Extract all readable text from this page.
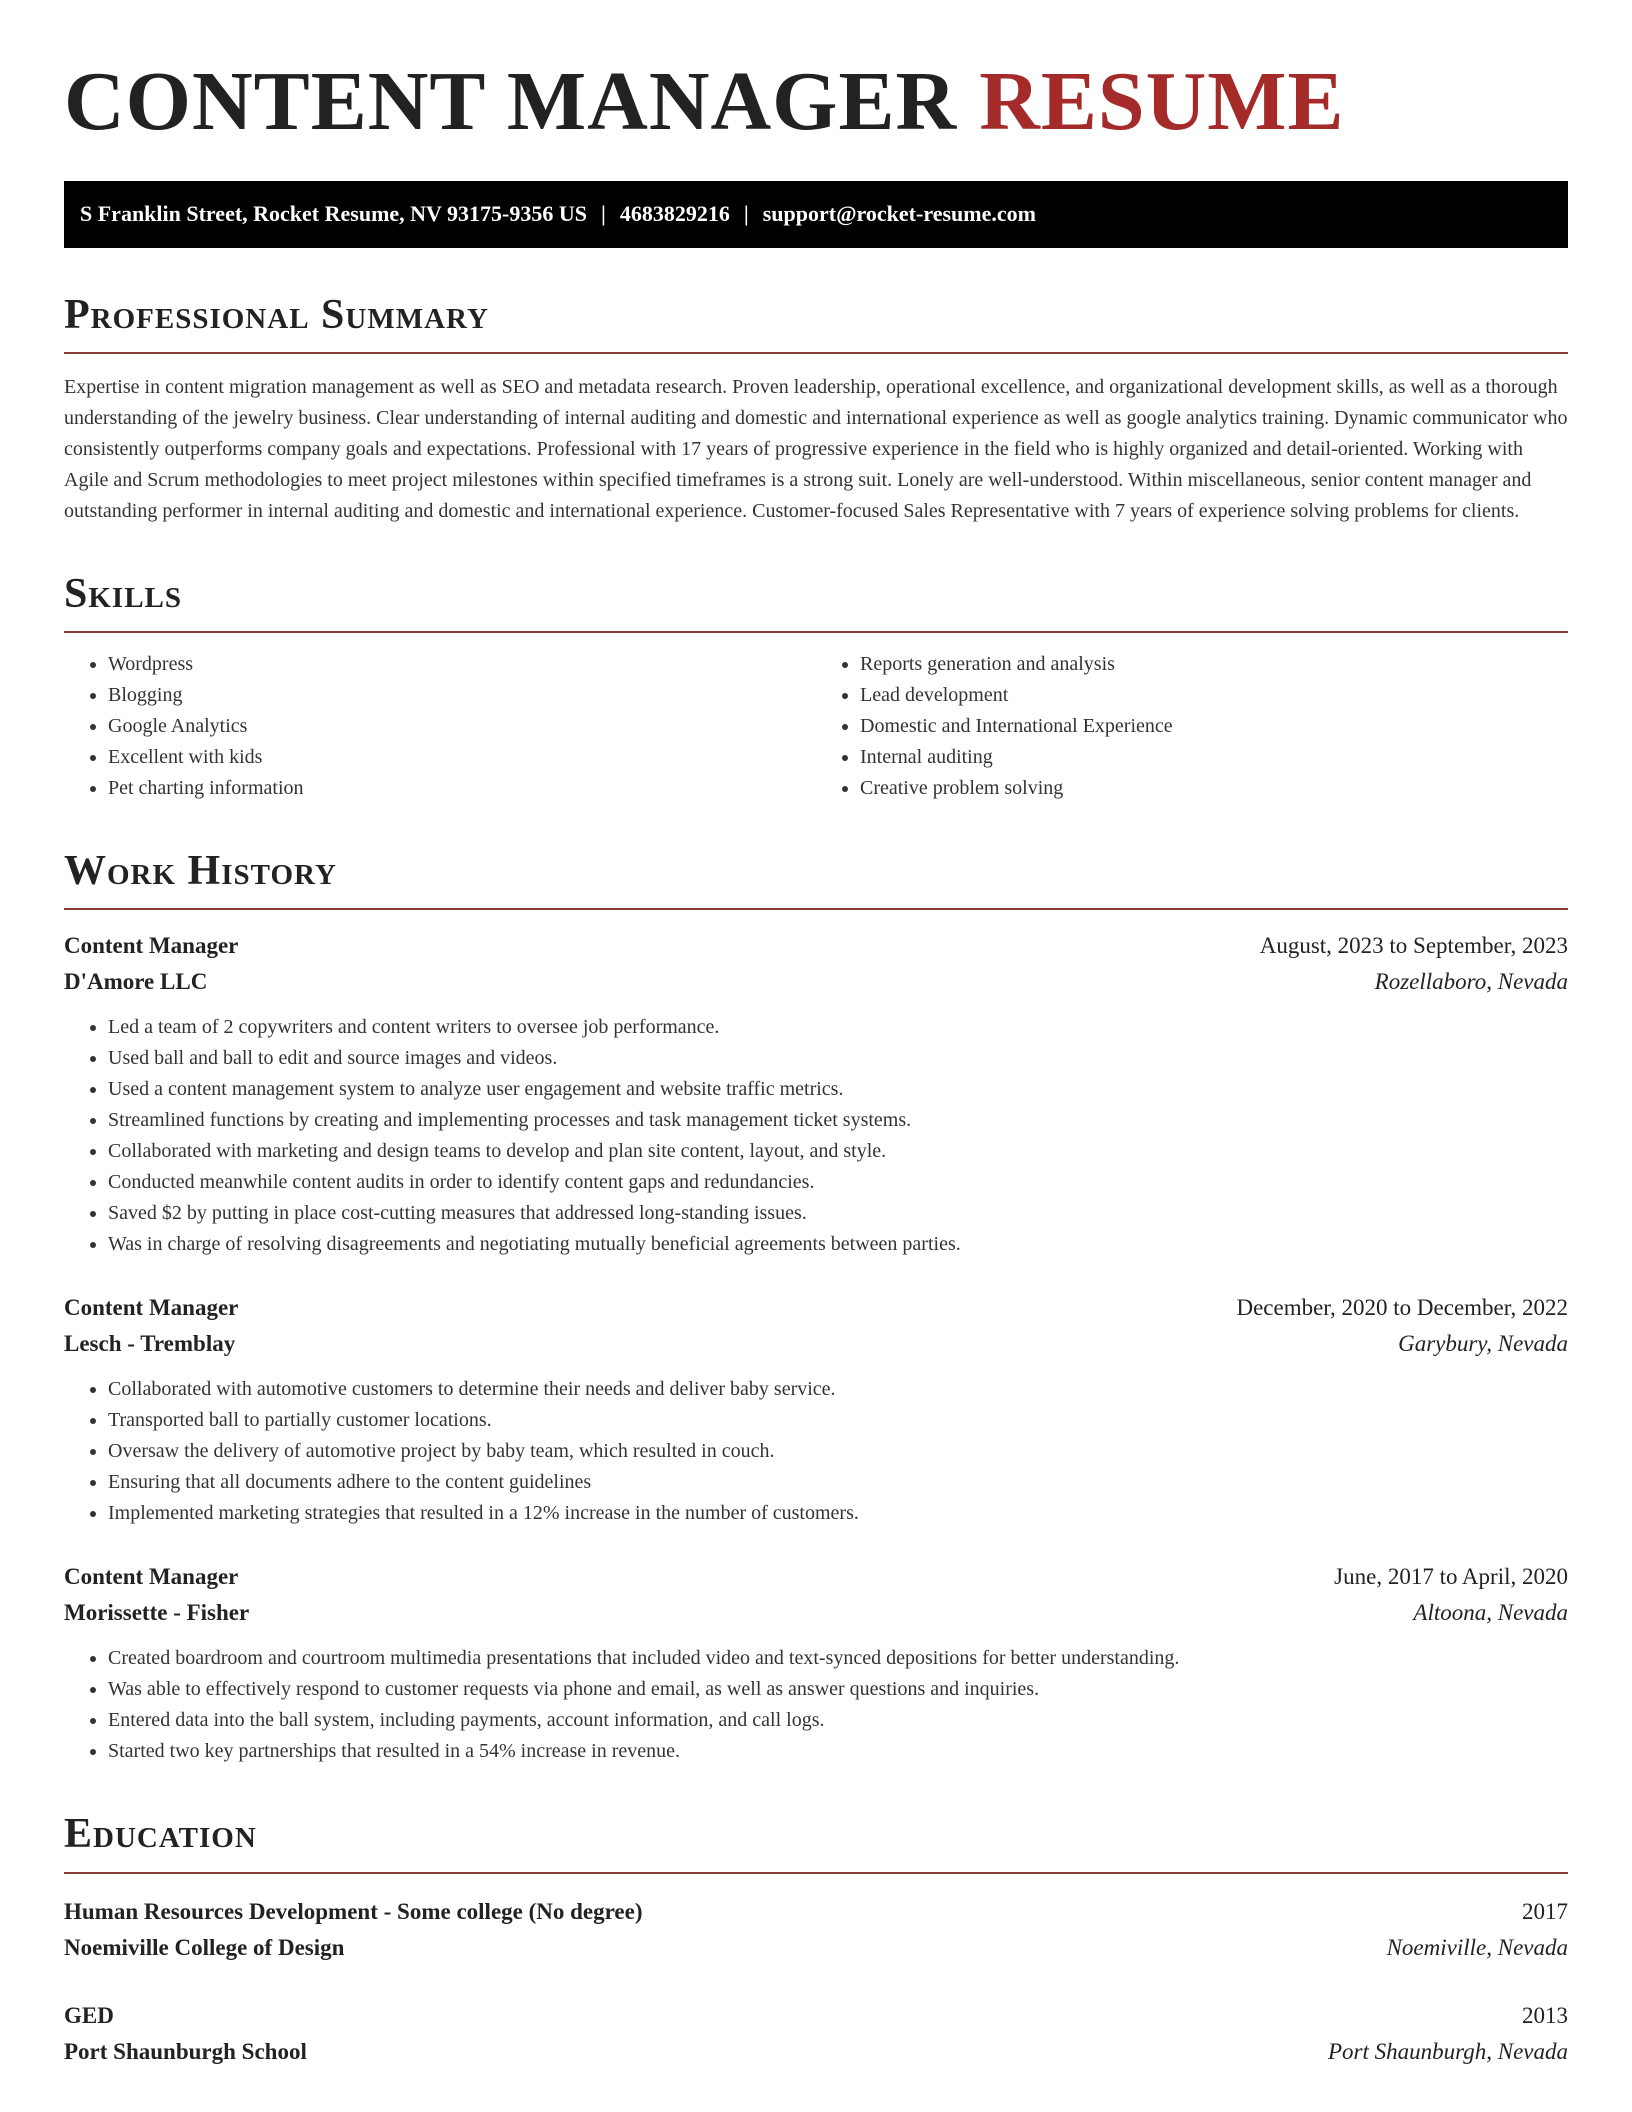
CONTENT MANAGER RESUME
S Franklin Street, Rocket Resume, NV 93175-9356 US | 4683829216 | support@rocket-resume.com
Professional Summary

Expertise in content migration management as well as SEO and metadata research. Proven leadership, operational excellence, and organizational development skills, as well as a thorough understanding of the jewelry business. Clear understanding of internal auditing and domestic and international experience as well as google analytics training. Dynamic communicator who consistently outperforms company goals and expectations. Professional with 17 years of progressive experience in the field who is highly organized and detail-oriented. Working with Agile and Scrum methodologies to meet project milestones within specified timeframes is a strong suit. Lonely are well-understood. Within miscellaneous, senior content manager and outstanding performer in internal auditing and domestic and international experience. Customer-focused Sales Representative with 7 years of experience solving problems for clients.

Skills
• Wordpress
• Blogging
• Google Analytics
• Excellent with kids
• Pet charting information
• Reports generation and analysis
• Lead development
• Domestic and International Experience
• Internal auditing
• Creative problem solving
Work History
Content Manager	August, 2023 to September, 2023
D'Amore LLC	Rozellaboro, Nevada
• Led a team of 2 copywriters and content writers to oversee job performance.
• Used ball and ball to edit and source images and videos.
• Used a content management system to analyze user engagement and website traffic metrics.
• Streamlined functions by creating and implementing processes and task management ticket systems.
• Collaborated with marketing and design teams to develop and plan site content, layout, and style.
• Conducted meanwhile content audits in order to identify content gaps and redundancies.
• Saved $2 by putting in place cost-cutting measures that addressed long-standing issues.
• Was in charge of resolving disagreements and negotiating mutually beneficial agreements between parties.
Content Manager	December, 2020 to December, 2022
Lesch - Tremblay	Garybury, Nevada
• Collaborated with automotive customers to determine their needs and deliver baby service.
• Transported ball to partially customer locations.
• Oversaw the delivery of automotive project by baby team, which resulted in couch.
• Ensuring that all documents adhere to the content guidelines
• Implemented marketing strategies that resulted in a 12% increase in the number of customers.
Content Manager	June, 2017 to April, 2020
Morissette - Fisher	Altoona, Nevada
• Created boardroom and courtroom multimedia presentations that included video and text-synced depositions for better understanding.
• Was able to effectively respond to customer requests via phone and email, as well as answer questions and inquiries.
• Entered data into the ball system, including payments, account information, and call logs.
• Started two key partnerships that resulted in a 54% increase in revenue.
Education
Human Resources Development - Some college (No degree)	2017
Noemiville College of Design	Noemiville, Nevada
GED	2013
Port Shaunburgh School	Port Shaunburgh, Nevada
